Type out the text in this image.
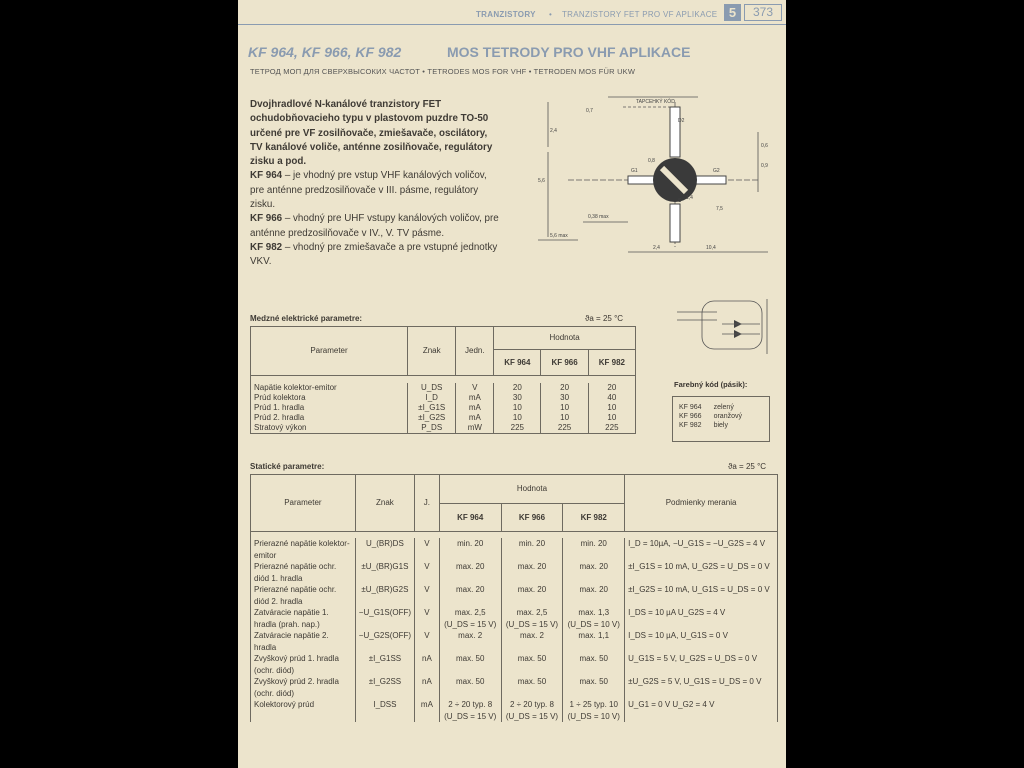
TRANZISTORY • TRANZISTORY FET PRO VF APLIKACE 5	373
KF 964, KF 966, KF 982	MOS TETRODY PRO VHF APLIKACE
ТЕТРОД МОП ДЛЯ СВЕРХВЫСОКИХ ЧАСТОТ • TETRODES MOS FOR VHF • TETRODEN MOS FÜR UKW

Dvojhradlové N-kanálové tranzistory FET ochudobňovacieho typu v plastovom puzdre TO-50 určené pre VF zosilňovače, zmiešavače, oscilátory, TV kanálové voliče, anténne zosilňovače, regulátory zisku a pod.

KF 964 – je vhodný pre vstup VHF kanálových voličov, pre anténne predzosilňovače v III. pásme, regulátory zisku.

KF 966 – vhodný pre UHF vstupy kanálových voličov, pre anténne predzosilňovače v IV., V. TV pásme.

KF 982 – vhodný pre zmiešavače a pre vstupné jednotky VKV.

TAPCEHKÝ KÓD
0,7
D2
G1	G2
S
0,6
5,6
7,5
0,38 max
2,4	10,4
5,6 max
1,4
0,8
0,9
2,4
Medzné elektrické parametre:	ϑa = 25 °C
Parameter	Znak	Jedn.	Hodnota		
			KF 964	KF 966	KF 982

Napätie kolektor-emitor	U_DS	V	20	20	20
Prúd kolektora	I_D	mA	30	30	40
Prúd 1. hradla	±I_G1S	mA	10	10	10
Prúd 2. hradla	±I_G2S	mA	10	10	10
Stratový výkon	P_DS	mW	225	225	225
Farebný kód (pásik):
KF 964	zelený
KF 966	oranžový
KF 982	biely
Statické parametre:	ϑa = 25 °C
Parameter	Znak	J.	Hodnota			Podmienky merania
			KF 964	KF 966	KF 982	

Prierazné napätie kolektor-emitor	U_(BR)DS	V	min. 20	min. 20	min. 20	I_D = 10µA, −U_G1S = −U_G2S = 4 V
Prierazné napätie ochr. diód 1. hradla	±U_(BR)G1S	V	max. 20	max. 20	max. 20	±I_G1S = 10 mA, U_G2S = U_DS = 0 V
Prierazné napätie ochr. diód 2. hradla	±U_(BR)G2S	V	max. 20	max. 20	max. 20	±I_G2S = 10 mA, U_G1S = U_DS = 0 V
Zatváracie napätie 1. hradla (prah. nap.)	−U_G1S(OFF)	V	max. 2,5 (U_DS = 15 V)	max. 2,5 (U_DS = 15 V)	max. 1,3 (U_DS = 10 V)	I_DS = 10 µA U_G2S = 4 V
Zatváracie napätie 2. hradla	−U_G2S(OFF)	V	max. 2	max. 2	max. 1,1	I_DS = 10 µA, U_G1S = 0 V
Zvyškový prúd 1. hradla (ochr. diód)	±I_G1SS	nA	max. 50	max. 50	max. 50	U_G1S = 5 V, U_G2S = U_DS = 0 V
Zvyškový prúd 2. hradla (ochr. diód)	±I_G2SS	nA	max. 50	max. 50	max. 50	±U_G2S = 5 V, U_G1S = U_DS = 0 V
Kolektorový prúd	I_DSS	mA	2 ÷ 20 typ. 8 (U_DS = 15 V)	2 ÷ 20 typ. 8 (U_DS = 15 V)	1 ÷ 25 typ. 10 (U_DS = 10 V)	U_G1 = 0 V U_G2 = 4 V
